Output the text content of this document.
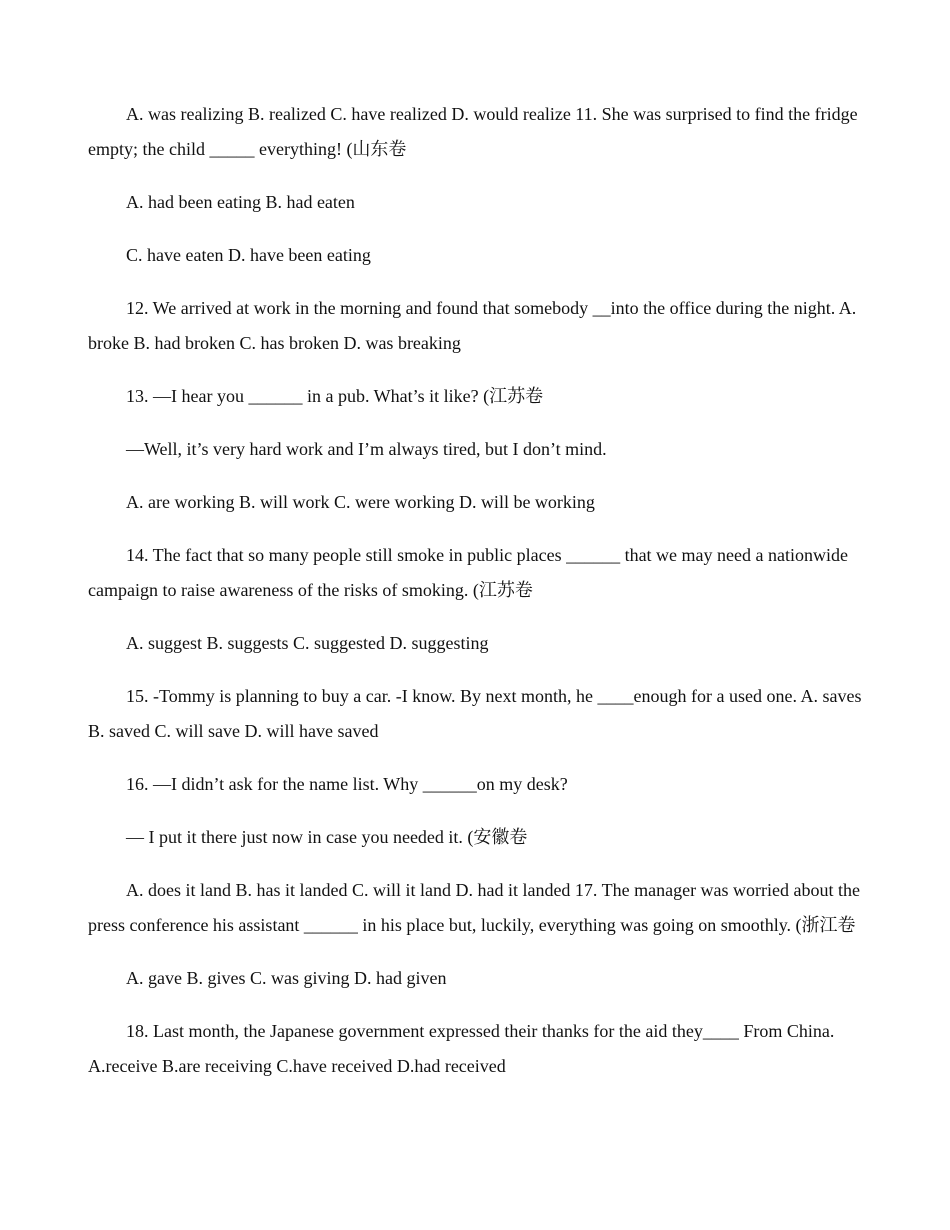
A. was realizing B. realized C. have realized D. would realize 11. She was surprised to find the fridge empty; the child _____ everything! (山东卷

A. had been eating B. had eaten

C. have eaten D. have been eating

12. We arrived at work in the morning and found that somebody __into the office during the night. A. broke B. had broken C. has broken D. was breaking

13. —I hear you ______ in a pub. What’s it like? (江苏卷

—Well, it’s very hard work and I’m always tired, but I don’t mind.

A. are working B. will work C. were working D. will be working

14. The fact that so many people still smoke in public places ______ that we may need a nationwide campaign to raise awareness of the risks of smoking. (江苏卷

A. suggest B. suggests C. suggested D. suggesting

15. -Tommy is planning to buy a car. -I know. By next month, he ____enough for a used one. A. saves B. saved C. will save D. will have saved

16. —I didn’t ask for the name list. Why ______on my desk?

— I put it there just now in case you needed it. (安徽卷

A. does it land B. has it landed C. will it land D. had it landed 17. The manager was worried about the press conference his assistant ______ in his place but, luckily, everything was going on smoothly. (浙江卷

A. gave B. gives C. was giving D. had given

18. Last month, the Japanese government expressed their thanks for the aid they____ From China. A.receive B.are receiving C.have received D.had received
